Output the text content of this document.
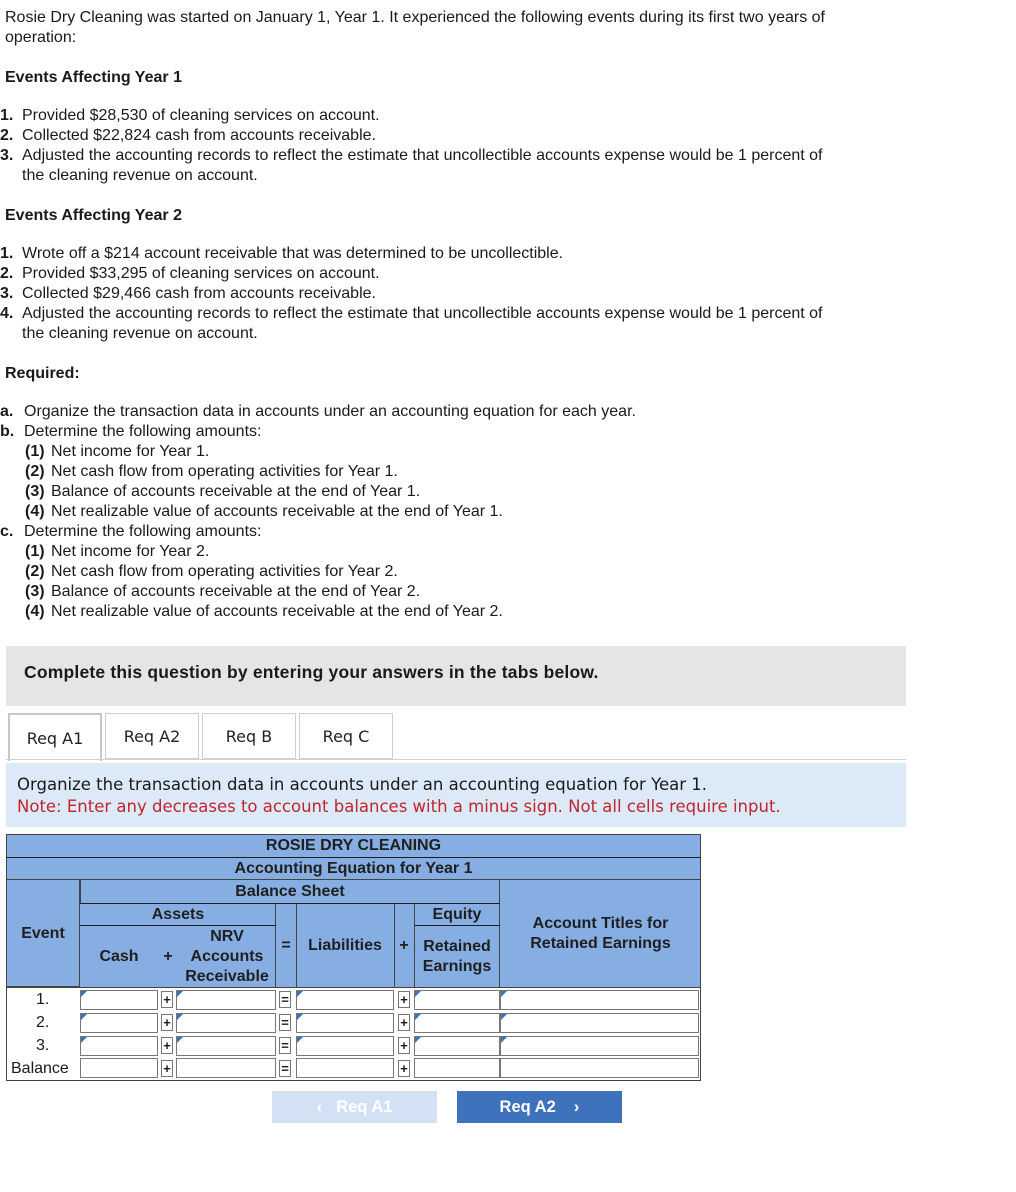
Rosie Dry Cleaning was started on January 1, Year 1. It experienced the following events during its first two years of
operation:
Events Affecting Year 1
1. Provided $28,530 of cleaning services on account.
2. Collected $22,824 cash from accounts receivable.
3. Adjusted the accounting records to reflect the estimate that uncollectible accounts expense would be 1 percent of
the cleaning revenue on account.
Events Affecting Year 2
1. Wrote off a $214 account receivable that was determined to be uncollectible.
2. Provided $33,295 of cleaning services on account.
3. Collected $29,466 cash from accounts receivable.
4. Adjusted the accounting records to reflect the estimate that uncollectible accounts expense would be 1 percent of
the cleaning revenue on account.
Required:
a. Organize the transaction data in accounts under an accounting equation for each year.
b. Determine the following amounts:
(1) Net income for Year 1.
(2) Net cash flow from operating activities for Year 1.
(3) Balance of accounts receivable at the end of Year 1.
(4) Net realizable value of accounts receivable at the end of Year 1.
c. Determine the following amounts:
(1) Net income for Year 2.
(2) Net cash flow from operating activities for Year 2.
(3) Balance of accounts receivable at the end of Year 2.
(4) Net realizable value of accounts receivable at the end of Year 2.
Complete this question by entering your answers in the tabs below.
Req A1	Req A2	Req B	Req C
Organize the transaction data in accounts under an accounting equation for Year 1.
Note: Enter any decreases to account balances with a minus sign. Not all cells require input.
ROSIE DRY CLEANING
Accounting Equation for Year 1
Balance Sheet
Event
Assets
Cash	+
NRV
Accounts
Receivable
=	Liabilities	+
Equity
Retained
Earnings
Account Titles for
Retained Earnings
1.	+	=	+
2.	+	=	+
3.	+	=	+
Balance	+	=	+
‹ Req A1	Req A2 ›
